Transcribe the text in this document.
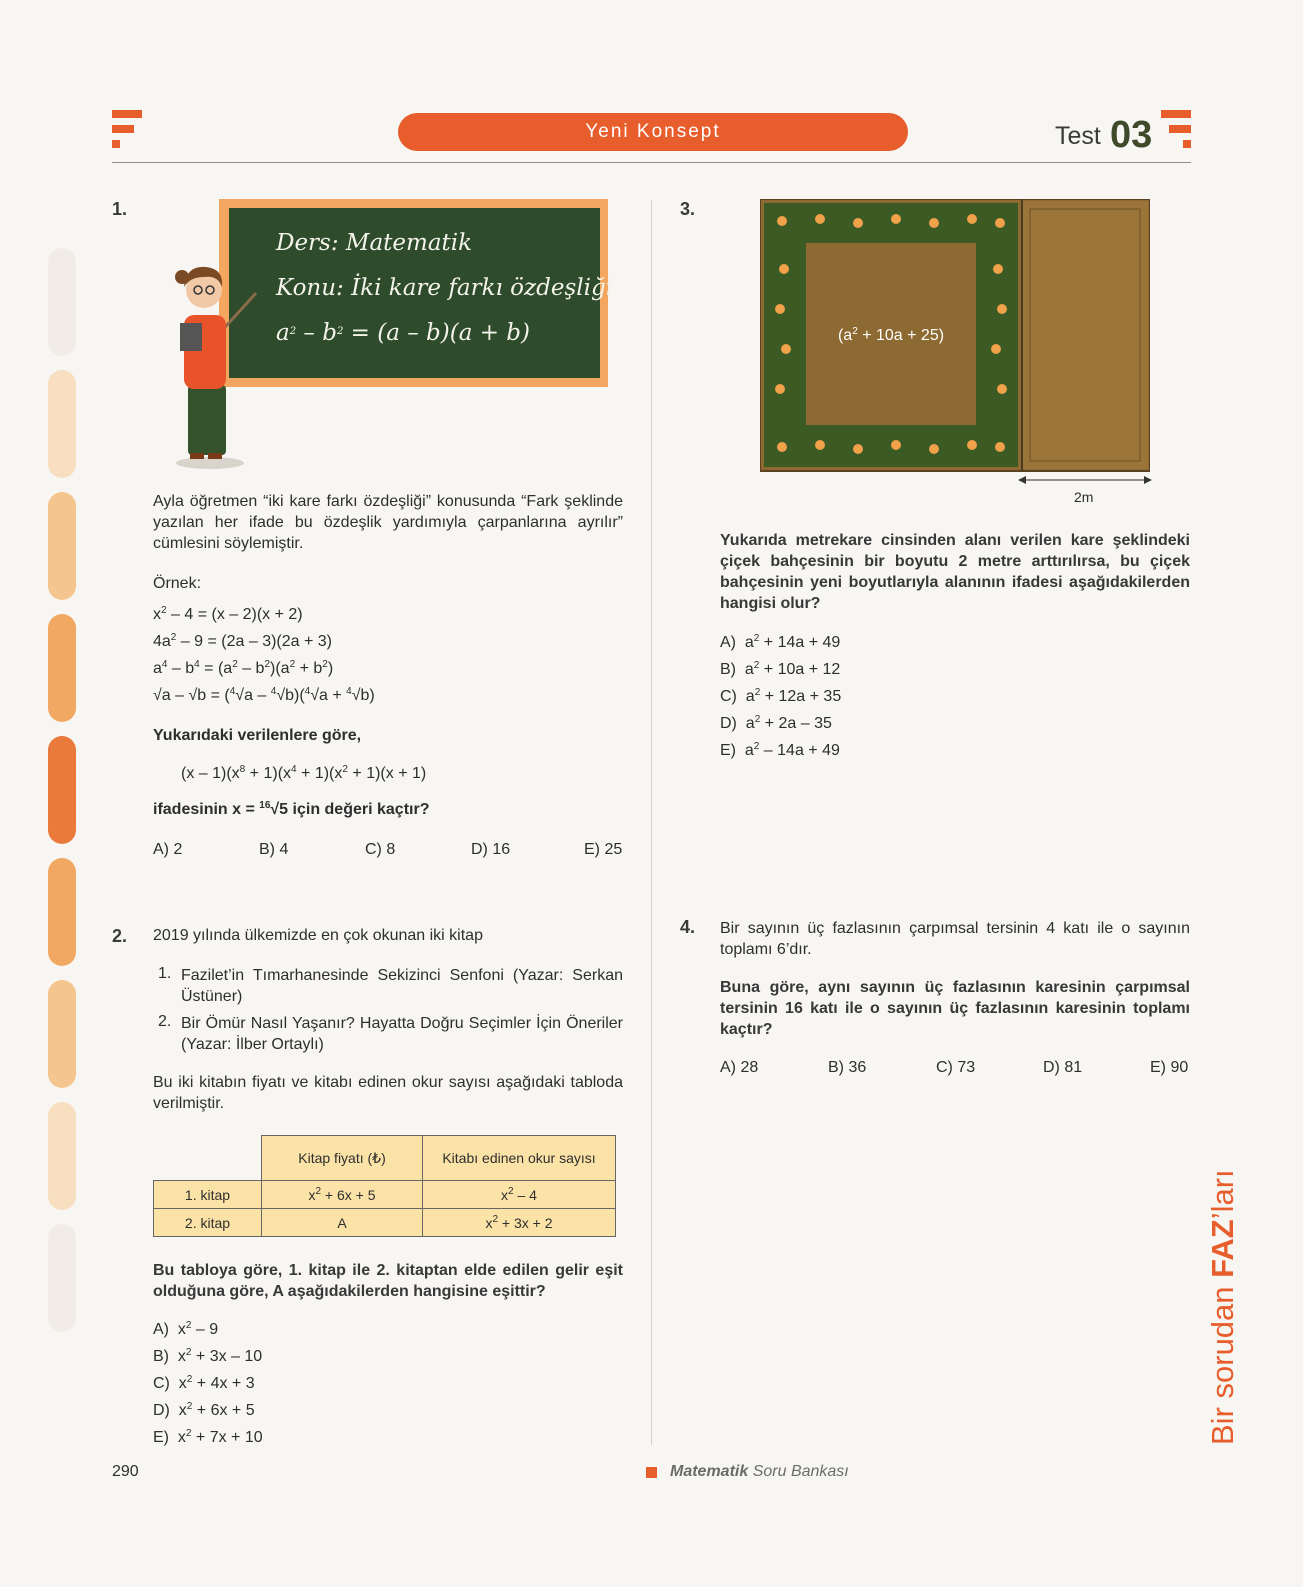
Yeni Konsept	Test 03
1.
Ders: Matematik
Konu: İki kare farkı özdeşliği
$a^2 - b^2 = (a - b)(a + b)$
Ayla öğretmen “iki kare farkı özdeşliği” konusunda “Fark şeklinde yazılan her ifade bu özdeşlik yardımıyla çarpanlarına ayrılır” cümlesini söylemiştir.
Örnek:
$x^2 - 4 = (x - 2)(x + 2)$
$4a^2 - 9 = (2a - 3)(2a + 3)$
$a^4 - b^4 = (a^2 - b^2)(a^2 + b^2)$
√a – √b = ($^4$√a – $^4$√b)($^4$√a + $^4$√b)
Yukarıdaki verilenlere göre,
$(x - 1)(x^8 + 1)(x^4 + 1)(x^2 + 1)(x + 1)$
ifadesinin x = $^{16}$√5 için değeri kaçtır?
A) 2	B) 4	C) 8	D) 16	E) 25
2. 2019 yılında ülkemizde en çok okunan iki kitap
1. Fazilet’in Tımarhanesinde Sekizinci Senfoni (Yazar: Serkan Üstüner)
2. Bir Ömür Nasıl Yaşanır? Hayatta Doğru Seçimler İçin Öneriler (Yazar: İlber Ortaylı)
Bu iki kitabın fiyatı ve kitabı edinen okur sayısı aşağıdaki tabloda verilmiştir.
	Kitap fiyatı (₺)	Kitabı edinen okur sayısı
1. kitap	$x^2 + 6x + 5$	$x^2 - 4$
2. kitap	A	$x^2 + 3x + 2$
Bu tabloya göre, 1. kitap ile 2. kitaptan elde edilen gelir eşit olduğuna göre, A aşağıdakilerden hangisine eşittir?
A)  $x^2 - 9$
B)  $x^2 + 3x - 10$
C)  $x^2 + 4x + 3$
D)  $x^2 + 6x + 5$
E)  $x^2 + 7x + 10$
3.
$(a^2 + 10a + 25)$
2m
Yukarıda metrekare cinsinden alanı verilen kare şeklindeki çiçek bahçesinin bir boyutu 2 metre arttırılırsa, bu çiçek bahçesinin yeni boyutlarıyla alanının ifadesi aşağıdakilerden hangisi olur?
A)  $a^2 + 14a + 49$
B)  $a^2 + 10a + 12$
C)  $a^2 + 12a + 35$
D)  $a^2 + 2a - 35$
E)  $a^2 - 14a + 49$
4. Bir sayının üç fazlasının çarpımsal tersinin 4 katı ile o sayının toplamı 6’dır.
Buna göre, aynı sayının üç fazlasının karesinin çarpımsal tersinin 16 katı ile o sayının üç fazlasının karesinin toplamı kaçtır?
A) 28	B) 36	C) 73	D) 81	E) 90
Bir sorudan FAZ’ları
290	Matematik Soru Bankası
